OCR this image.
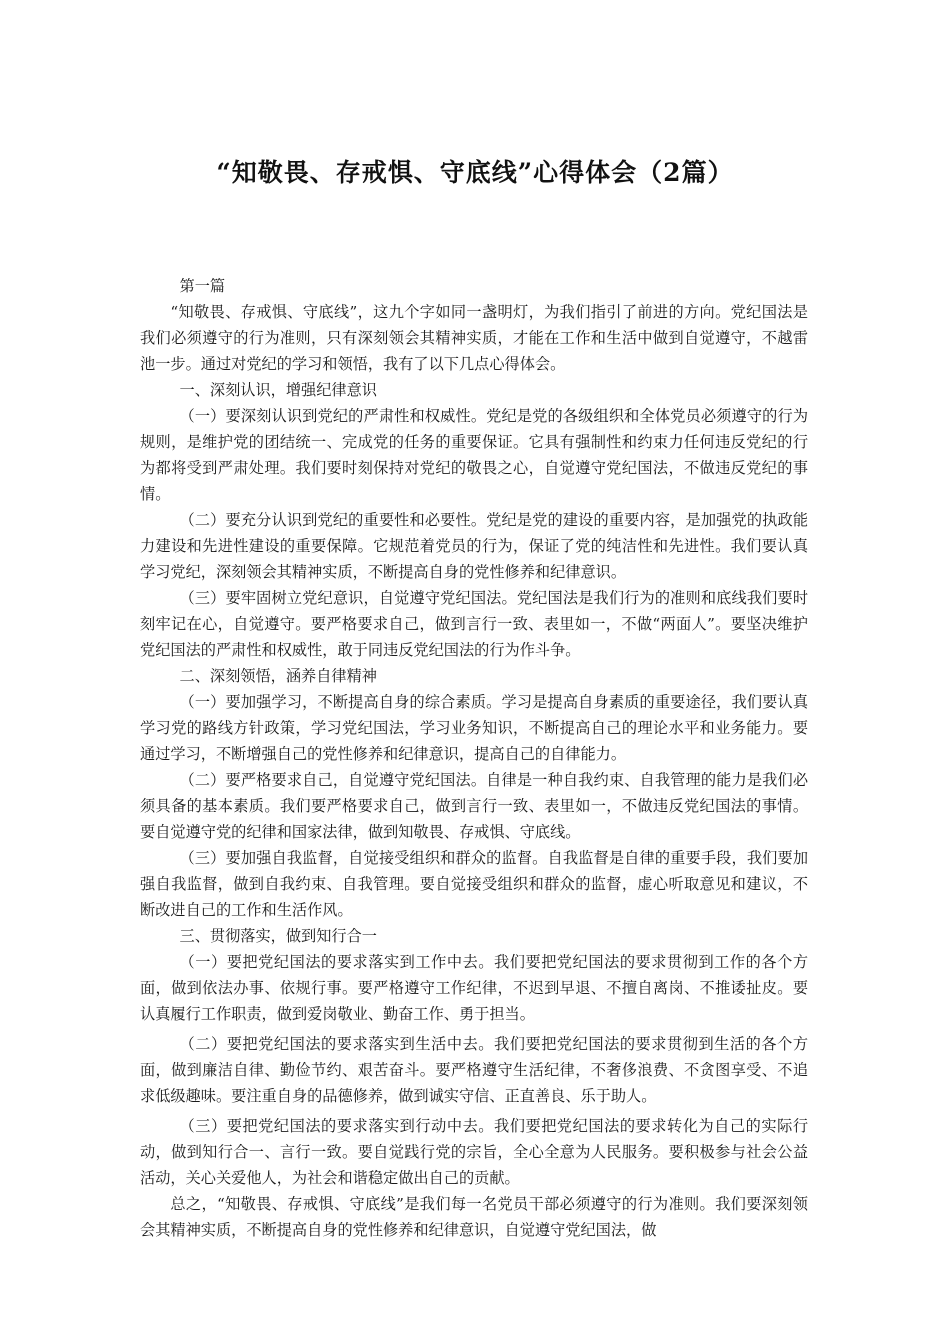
“知敬畏、存戒惧、守底线”心得体会（2篇）

第一篇

“知敬畏、存戒惧、守底线”，这九个字如同一盏明灯，为我们指引了前进的方向。党纪国法是我们必须遵守的行为准则，只有深刻领会其精神实质，才能在工作和生活中做到自觉遵守，不越雷池一步。通过对党纪的学习和领悟，我有了以下几点心得体会。

一、深刻认识，增强纪律意识

（一）要深刻认识到党纪的严肃性和权威性。党纪是党的各级组织和全体党员必须遵守的行为规则，是维护党的团结统一、完成党的任务的重要保证。它具有强制性和约束力任何违反党纪的行为都将受到严肃处理。我们要时刻保持对党纪的敬畏之心，自觉遵守党纪国法，不做违反党纪的事情。

（二）要充分认识到党纪的重要性和必要性。党纪是党的建设的重要内容，是加强党的执政能力建设和先进性建设的重要保障。它规范着党员的行为，保证了党的纯洁性和先进性。我们要认真学习党纪，深刻领会其精神实质，不断提高自身的党性修养和纪律意识。

（三）要牢固树立党纪意识，自觉遵守党纪国法。党纪国法是我们行为的准则和底线我们要时刻牢记在心，自觉遵守。要严格要求自己，做到言行一致、表里如一，不做“两面人”。要坚决维护党纪国法的严肃性和权威性，敢于同违反党纪国法的行为作斗争。

二、深刻领悟，涵养自律精神

（一）要加强学习，不断提高自身的综合素质。学习是提高自身素质的重要途径，我们要认真学习党的路线方针政策，学习党纪国法，学习业务知识，不断提高自己的理论水平和业务能力。要通过学习，不断增强自己的党性修养和纪律意识，提高自己的自律能力。

（二）要严格要求自己，自觉遵守党纪国法。自律是一种自我约束、自我管理的能力是我们必须具备的基本素质。我们要严格要求自己，做到言行一致、表里如一，不做违反党纪国法的事情。要自觉遵守党的纪律和国家法律，做到知敬畏、存戒惧、守底线。

（三）要加强自我监督，自觉接受组织和群众的监督。自我监督是自律的重要手段，我们要加强自我监督，做到自我约束、自我管理。要自觉接受组织和群众的监督，虚心听取意见和建议，不断改进自己的工作和生活作风。

三、贯彻落实，做到知行合一

（一）要把党纪国法的要求落实到工作中去。我们要把党纪国法的要求贯彻到工作的各个方面，做到依法办事、依规行事。要严格遵守工作纪律，不迟到早退、不擅自离岗、不推诿扯皮。要认真履行工作职责，做到爱岗敬业、勤奋工作、勇于担当。

（二）要把党纪国法的要求落实到生活中去。我们要把党纪国法的要求贯彻到生活的各个方面，做到廉洁自律、勤俭节约、艰苦奋斗。要严格遵守生活纪律，不奢侈浪费、不贪图享受、不追求低级趣味。要注重自身的品德修养，做到诚实守信、正直善良、乐于助人。

（三）要把党纪国法的要求落实到行动中去。我们要把党纪国法的要求转化为自己的实际行动，做到知行合一、言行一致。要自觉践行党的宗旨，全心全意为人民服务。要积极参与社会公益活动，关心关爱他人，为社会和谐稳定做出自己的贡献。

总之，“知敬畏、存戒惧、守底线”是我们每一名党员干部必须遵守的行为准则。我们要深刻领会其精神实质，不断提高自身的党性修养和纪律意识，自觉遵守党纪国法，做
